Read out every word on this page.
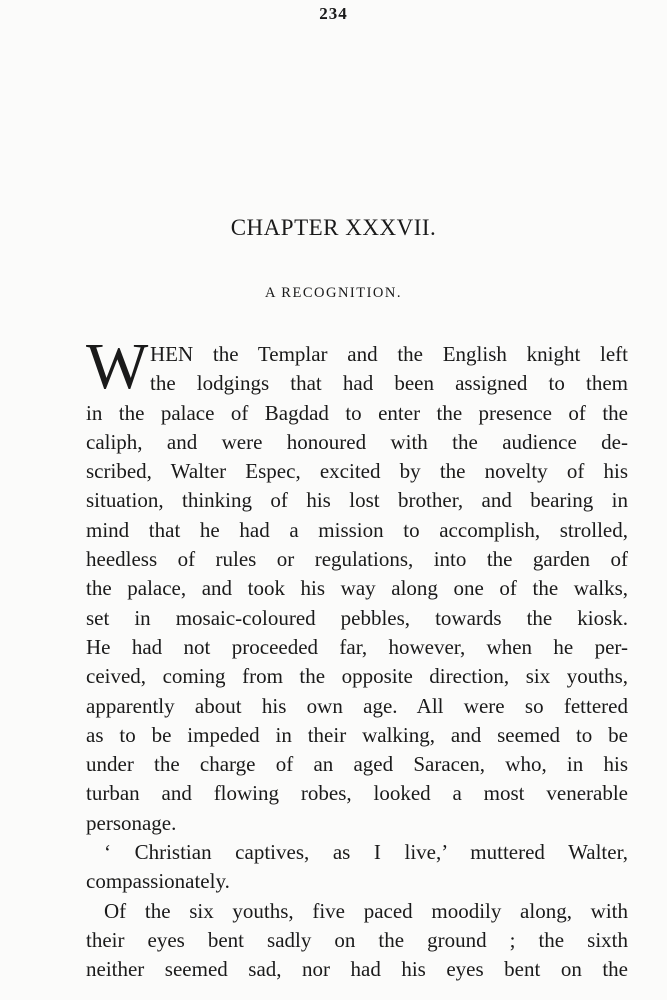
234
CHAPTER XXXVII.
A RECOGNITION.
W HEN the Templar and the English knight left
the lodgings that had been assigned to them
in the palace of Bagdad to enter the presence of the
caliph, and were honoured with the audience de-
scribed, Walter Espec, excited by the novelty of his
situation, thinking of his lost brother, and bearing in
mind that he had a mission to accomplish, strolled,
heedless of rules or regulations, into the garden of
the palace, and took his way along one of the walks,
set in mosaic-coloured pebbles, towards the kiosk.
He had not proceeded far, however, when he per-
ceived, coming from the opposite direction, six youths,
apparently about his own age. All were so fettered
as to be impeded in their walking, and seemed to be
under the charge of an aged Saracen, who, in his
turban and flowing robes, looked a most venerable
personage.
‘ Christian captives, as I live,’ muttered Walter,
compassionately.
Of the six youths, five paced moodily along, with
their eyes bent sadly on the ground ; the sixth
neither seemed sad, nor had his eyes bent on the
